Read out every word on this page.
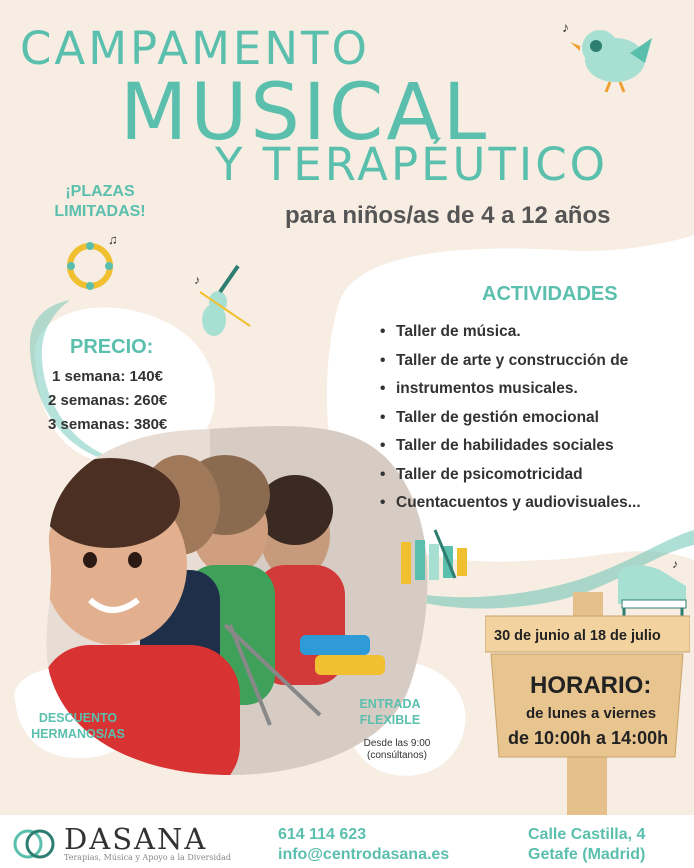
CAMPAMENTO
MUSICAL
Y TERAPÉUTICO
para niños/as de 4 a 12 años
¡PLAZAS LIMITADAS!
♪
♫
♪
ACTIVIDADES
• Taller de música.
• Taller de arte y construcción de
• instrumentos musicales.
• Taller de gestión emocional
• Taller de habilidades sociales
• Taller de psicomotricidad
• Cuentacuentos y audiovisuales...
♪
PRECIO:
1 semana: 140€
2 semanas: 260€
3 semanas: 380€
30 de junio al 18 de julio
HORARIO:
de lunes a viernes
de 10:00h a 14:00h
DESCUENTO HERMANOS/AS
ENTRADA FLEXIBLE
Desde las 9:00 (consúltanos)
DASANA
Terapias, Música y Apoyo a la Diversidad
614 114 623
info@centrodasana.es
Calle Castilla, 4
Getafe (Madrid)
